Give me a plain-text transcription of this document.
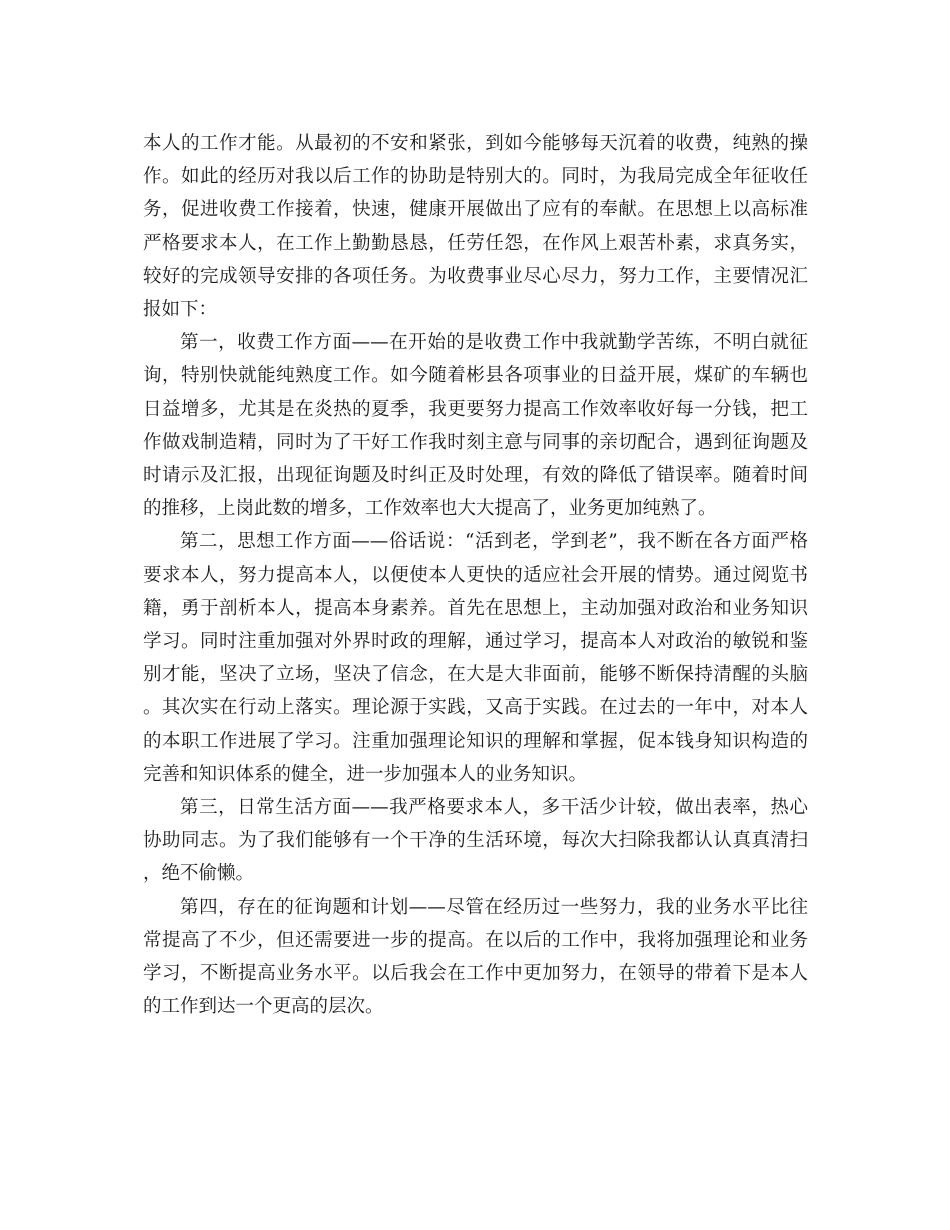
本人的工作才能。从最初的不安和紧张，到如今能够每天沉着的收费，纯熟的操作。如此的经历对我以后工作的协助是特别大的。同时，为我局完成全年征收任务，促进收费工作接着，快速，健康开展做出了应有的奉献。在思想上以高标准严格要求本人，在工作上勤勤恳恳，任劳任怨，在作风上艰苦朴素，求真务实，较好的完成领导安排的各项任务。为收费事业尽心尽力，努力工作，主要情况汇报如下：

第一，收费工作方面——在开始的是收费工作中我就勤学苦练，不明白就征询，特别快就能纯熟度工作。如今随着彬县各项事业的日益开展，煤矿的车辆也日益增多，尤其是在炎热的夏季，我更要努力提高工作效率收好每一分钱，把工作做戏制造精，同时为了干好工作我时刻主意与同事的亲切配合，遇到征询题及时请示及汇报，出现征询题及时纠正及时处理，有效的降低了错误率。随着时间的推移，上岗此数的增多，工作效率也大大提高了，业务更加纯熟了。

第二，思想工作方面——俗话说：“活到老，学到老”，我不断在各方面严格要求本人，努力提高本人，以便使本人更快的适应社会开展的情势。通过阅览书籍，勇于剖析本人，提高本身素养。首先在思想上，主动加强对政治和业务知识学习。同时注重加强对外界时政的理解，通过学习，提高本人对政治的敏锐和鉴别才能，坚决了立场，坚决了信念，在大是大非面前，能够不断保持清醒的头脑。其次实在行动上落实。理论源于实践，又高于实践。在过去的一年中，对本人的本职工作进展了学习。注重加强理论知识的理解和掌握，促本钱身知识构造的完善和知识体系的健全，进一步加强本人的业务知识。

第三，日常生活方面——我严格要求本人，多干活少计较，做出表率，热心协助同志。为了我们能够有一个干净的生活环境，每次大扫除我都认认真真清扫，绝不偷懒。

第四，存在的征询题和计划——尽管在经历过一些努力，我的业务水平比往常提高了不少，但还需要进一步的提高。在以后的工作中，我将加强理论和业务学习，不断提高业务水平。以后我会在工作中更加努力，在领导的带着下是本人的工作到达一个更高的层次。
